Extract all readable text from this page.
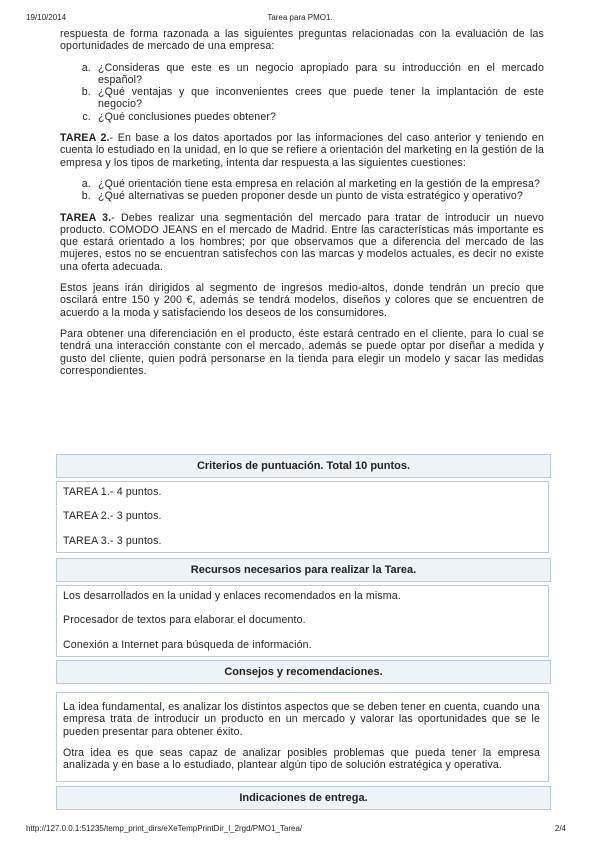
19/10/2014	Tarea para PMO1.

respuesta de forma razonada a las siguientes preguntas relacionadas con la evaluación de las oportunidades de mercado de una empresa:

a. ¿Consideras que este es un negocio apropiado para su introducción en el mercado español?
b. ¿Qué ventajas y que inconvenientes crees que puede tener la implantación de este negocio?
c. ¿Qué conclusiones puedes obtener?

TAREA 2.- En base a los datos aportados por las informaciones del caso anterior y teniendo en cuenta lo estudiado en la unidad, en lo que se refiere a orientación del marketing en la gestión de la empresa y los tipos de marketing, intenta dar respuesta a las siguientes cuestiones:

a. ¿Qué orientación tiene esta empresa en relación al marketing en la gestión de la empresa?
b. ¿Qué alternativas se pueden proponer desde un punto de vista estratégico y operativo?

TAREA 3.- Debes realizar una segmentación del mercado para tratar de introducir un nuevo producto. COMODO JEANS en el mercado de Madrid. Entre las características más importante es que estará orientado a los hombres; por que observamos que a diferencia del mercado de las mujeres, estos no se encuentran satisfechos con las marcas y modelos actuales, es decir no existe una oferta adecuada.

Estos jeans irán dirigidos al segmento de ingresos medio-altos, donde tendrán un precio que oscilará entre 150 y 200 €, además se tendrá modelos, diseños y colores que se encuentren de acuerdo a la moda y satisfaciendo los deseos de los consumidores.

Para obtener una diferenciación en el producto, éste estará centrado en el cliente, para lo cual se tendrá una interacción constante con el mercado, además se puede optar por diseñar a medida y gusto del cliente, quien podrá personarse en la tienda para elegir un modelo y sacar las medidas correspondientes.

Criterios de puntuación. Total 10 puntos.

TAREA 1.- 4 puntos.

TAREA 2.- 3 puntos.

TAREA 3.- 3 puntos.

Recursos necesarios para realizar la Tarea.

Los desarrollados en la unidad y enlaces recomendados en la misma.

Procesador de textos para elaborar el documento.

Conexión a Internet para búsqueda de información.

Consejos y recomendaciones.

La idea fundamental, es analizar los distintos aspectos que se deben tener en cuenta, cuando una empresa trata de introducir un producto en un mercado y valorar las oportunidades que se le pueden presentar para obtener éxito.

Otra idea es que seas capaz de analizar posibles problemas que pueda tener la empresa analizada y en base a lo estudiado, plantear algún tipo de solución estratégica y operativa.

Indicaciones de entrega.
http://127.0.0.1:51235/temp_print_dirs/eXeTempPrintDir_l_2rgd/PMO1_Tarea/	2/4
